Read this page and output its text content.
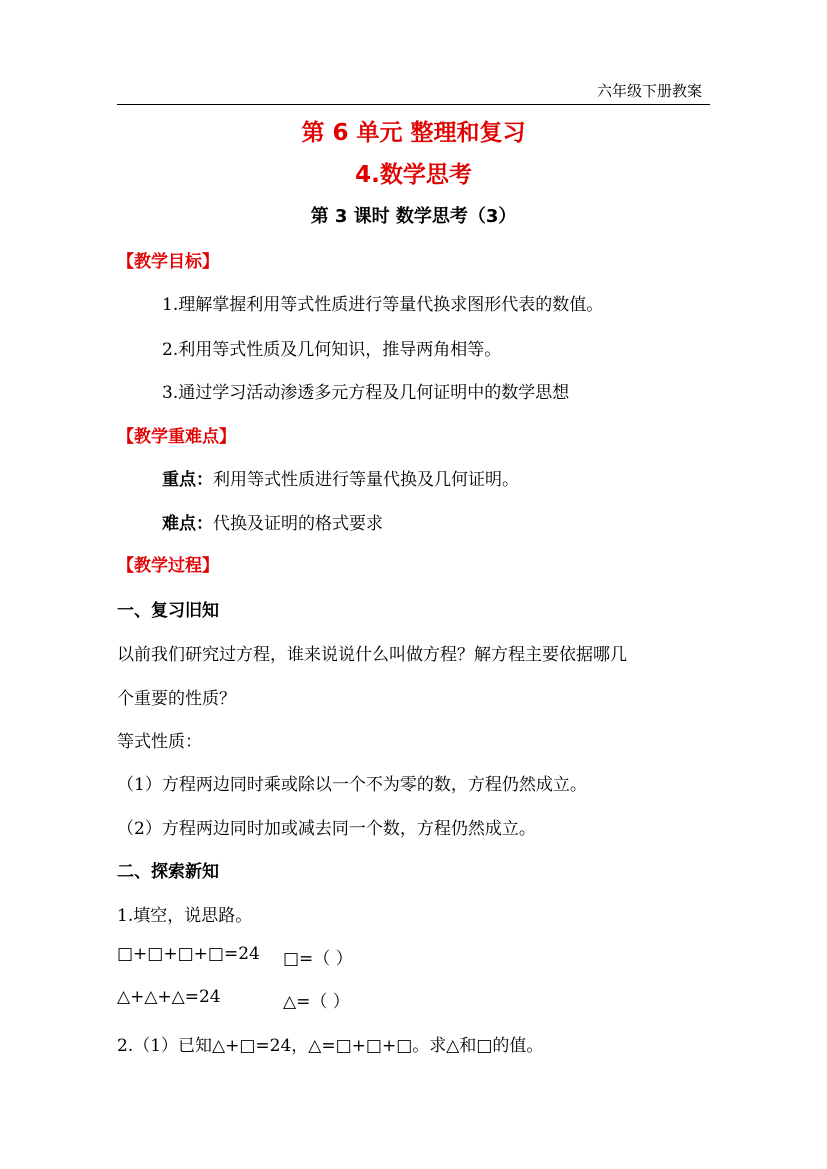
六年级下册教案
第 6 单元 整理和复习
4.数学思考
第 3 课时 数学思考（3）
【教学目标】
1.理解掌握利用等式性质进行等量代换求图形代表的数值。
2.利用等式性质及几何知识，推导两角相等。
3.通过学习活动渗透多元方程及几何证明中的数学思想
【教学重难点】
重点：利用等式性质进行等量代换及几何证明。
难点：代换及证明的格式要求
【教学过程】
一、复习旧知
以前我们研究过方程，谁来说说什么叫做方程？解方程主要依据哪几
个重要的性质？
等式性质：
（1）方程两边同时乘或除以一个不为零的数，方程仍然成立。
（2）方程两边同时加或减去同一个数，方程仍然成立。
二、探索新知
1.填空，说思路。
□+□+□+□=24 □=（ ）
△+△+△=24	△=（ ）
2.（1）已知△+□=24，△=□+□+□。求△和□的值。
